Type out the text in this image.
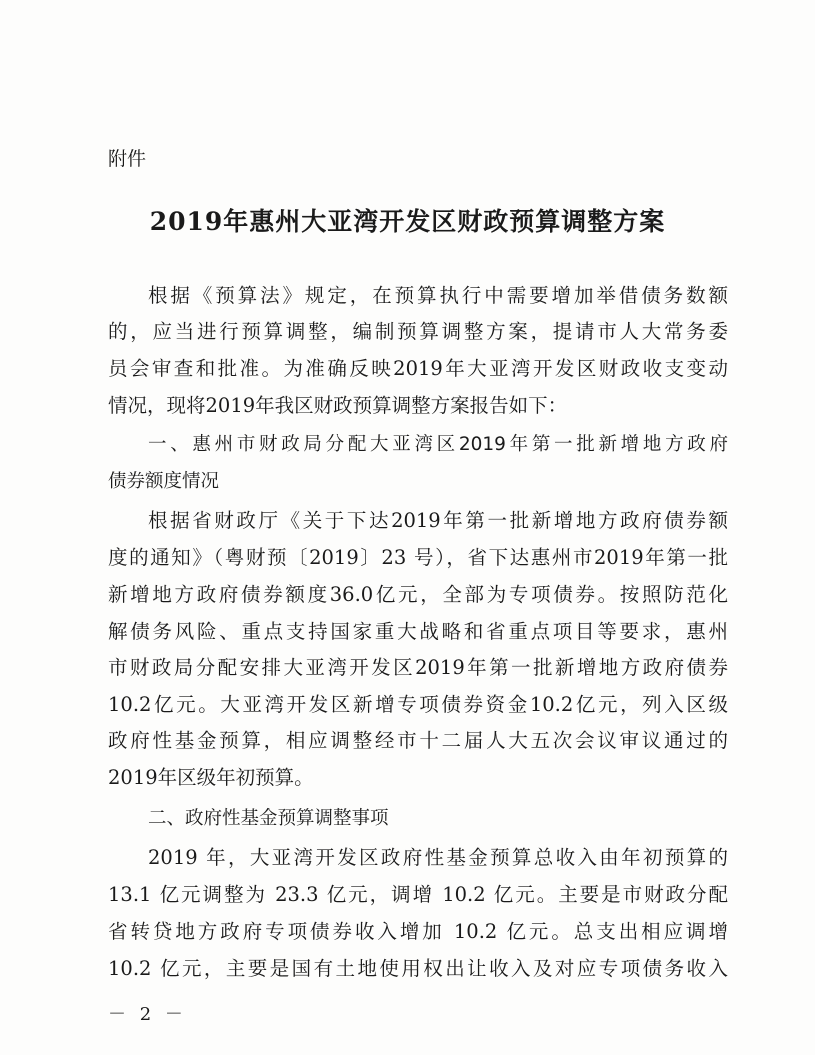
附件
2019年惠州大亚湾开发区财政预算调整方案
根据《预算法》规定，在预算执行中需要增加举借债务数额
的，应当进行预算调整，编制预算调整方案，提请市人大常务委
员会审查和批准。为准确反映2019年大亚湾开发区财政收支变动
情况，现将2019年我区财政预算调整方案报告如下：
一、惠州市财政局分配大亚湾区2019年第一批新增地方政府
债券额度情况
根据省财政厅《关于下达2019年第一批新增地方政府债券额
度的通知》（粤财预〔2019〕23 号），省下达惠州市2019年第一批
新增地方政府债券额度36.0亿元，全部为专项债券。按照防范化
解债务风险、重点支持国家重大战略和省重点项目等要求，惠州
市财政局分配安排大亚湾开发区2019年第一批新增地方政府债券
10.2亿元。大亚湾开发区新增专项债券资金10.2亿元，列入区级
政府性基金预算，相应调整经市十二届人大五次会议审议通过的
2019年区级年初预算。
二、政府性基金预算调整事项
2019 年，大亚湾开发区政府性基金预算总收入由年初预算的
13.1 亿元调整为 23.3 亿元，调增 10.2 亿元。主要是市财政分配
省转贷地方政府专项债券收入增加 10.2 亿元。总支出相应调增
10.2 亿元，主要是国有土地使用权出让收入及对应专项债务收入
－ 2 －
